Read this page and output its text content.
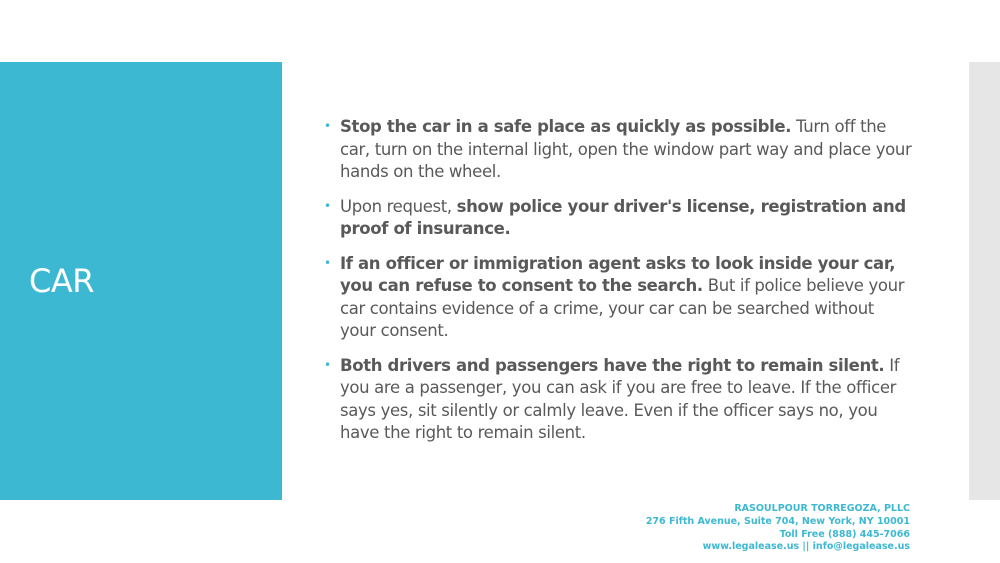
CAR
• Stop the car in a safe place as quickly as possible. Turn off the car, turn on the internal light, open the window part way and place your hands on the wheel.
• Upon request, show police your driver's license, registration and proof of insurance.
• If an officer or immigration agent asks to look inside your car, you can refuse to consent to the search. But if police believe your car contains evidence of a crime, your car can be searched without your consent.
• Both drivers and passengers have the right to remain silent. If you are a passenger, you can ask if you are free to leave. If the officer says yes, sit silently or calmly leave. Even if the officer says no, you have the right to remain silent.
RASOULPOUR TORREGOZA, PLLC
276 Fifth Avenue, Suite 704, New York, NY 10001
Toll Free (888) 445-7066
www.legalease.us || info@legalease.us
